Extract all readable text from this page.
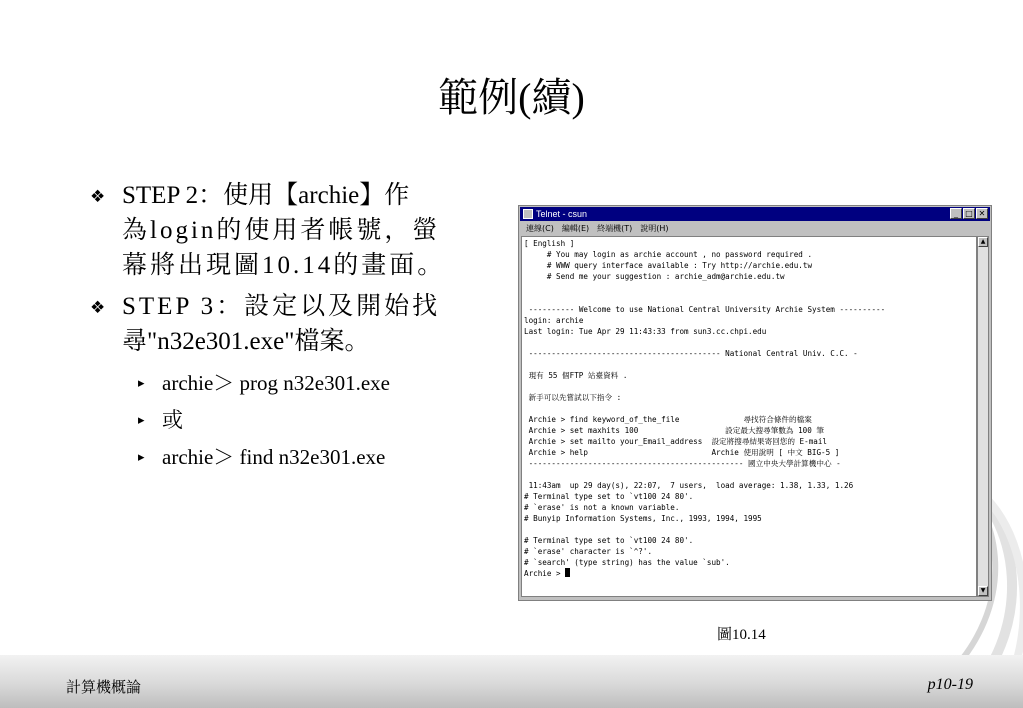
計算機概論	p10-19
範例(續)
❖ STEP 2：使用【archie】作
為login的使用者帳號，螢
幕將出現圖10.14的畫面。
❖ STEP 3：設定以及開始找
尋"n32e301.exe"檔案。
▸ archie＞ prog n32e301.exe
▸ 或
▸ archie＞ find n32e301.exe
Telnet - csun	_ □ ✕
連線(C) 編輯(E) 終端機(T) 說明(H)
[ English ]
# You may login as archie account , no password required .
# WWW query interface available : Try http://archie.edu.tw
# Send me your suggestion : archie_adm@archie.edu.tw
---------- Welcome to use National Central University Archie System ----------
login: archie
Last login: Tue Apr 29 11:43:33 from sun3.cc.chpi.edu
------------------------------------------ National Central Univ. C.C. -
現有 55 個FTP 站臺資料 .
新手可以先嘗試以下指令 :
Archie > find keyword_of_the_file              尋找符合條件的檔案
Archie > set maxhits 100                   設定最大搜尋筆數為 100 筆
Archie > set mailto your_Email_address  設定將搜尋結果寄回您的 E-mail
Archie > help                           Archie 使用說明 [ 中文 BIG-5 ]
----------------------------------------------- 國立中央大學計算機中心 -
11:43am  up 29 day(s), 22:07,  7 users,  load average: 1.38, 1.33, 1.26
# Terminal type set to `vt100 24 80'.
# `erase' is not a known variable.
# Bunyip Information Systems, Inc., 1993, 1994, 1995
# Terminal type set to `vt100 24 80'.
# `erase' character is `^?'.
# `search' (type string) has the value `sub'.
Archie >
▲
▼
圖10.14
